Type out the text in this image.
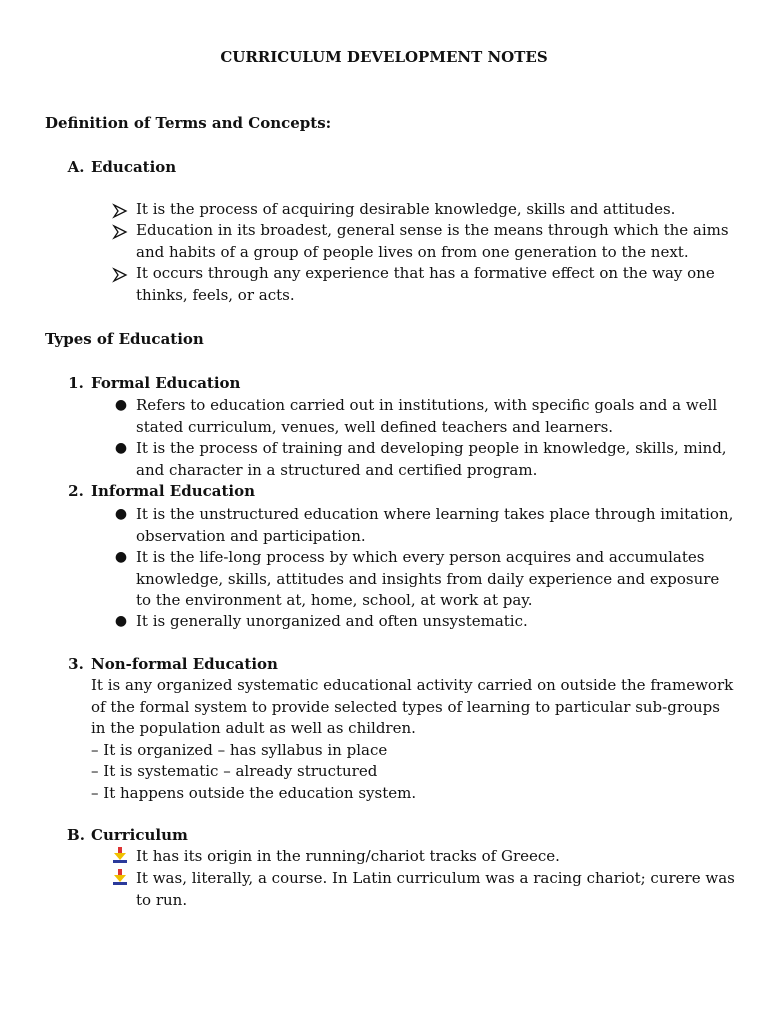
CURRICULUM DEVELOPMENT NOTES
Definition of Terms and Concepts:
A. Education
It is the process of acquiring desirable knowledge, skills and attitudes.
Education in its broadest, general sense is the means through which the aims
and habits of a group of people lives on from one generation to the next.
It occurs through any experience that has a formative effect on the way one
thinks, feels, or acts.
Types of Education
1. Formal Education
● Refers to education carried out in institutions, with specific goals and a well
stated curriculum, venues, well defined teachers and learners.
● It is the process of training and developing people in knowledge, skills, mind,
and character in a structured and certified program.
2. Informal Education
● It is the unstructured education where learning takes place through imitation,
observation and participation.
● It is the life-long process by which every person acquires and accumulates
knowledge, skills, attitudes and insights from daily experience and exposure
to the environment at, home, school, at work at pay.
● It is generally unorganized and often unsystematic.
3. Non-formal Education
It is any organized systematic educational activity carried on outside the framework
of the formal system to provide selected types of learning to particular sub-groups
in the population adult as well as children.
– It is organized – has syllabus in place
– It is systematic – already structured
– It happens outside the education system.
B. Curriculum
It has its origin in the running/chariot tracks of Greece.
It was, literally, a course. In Latin curriculum was a racing chariot; curere was
to run.
